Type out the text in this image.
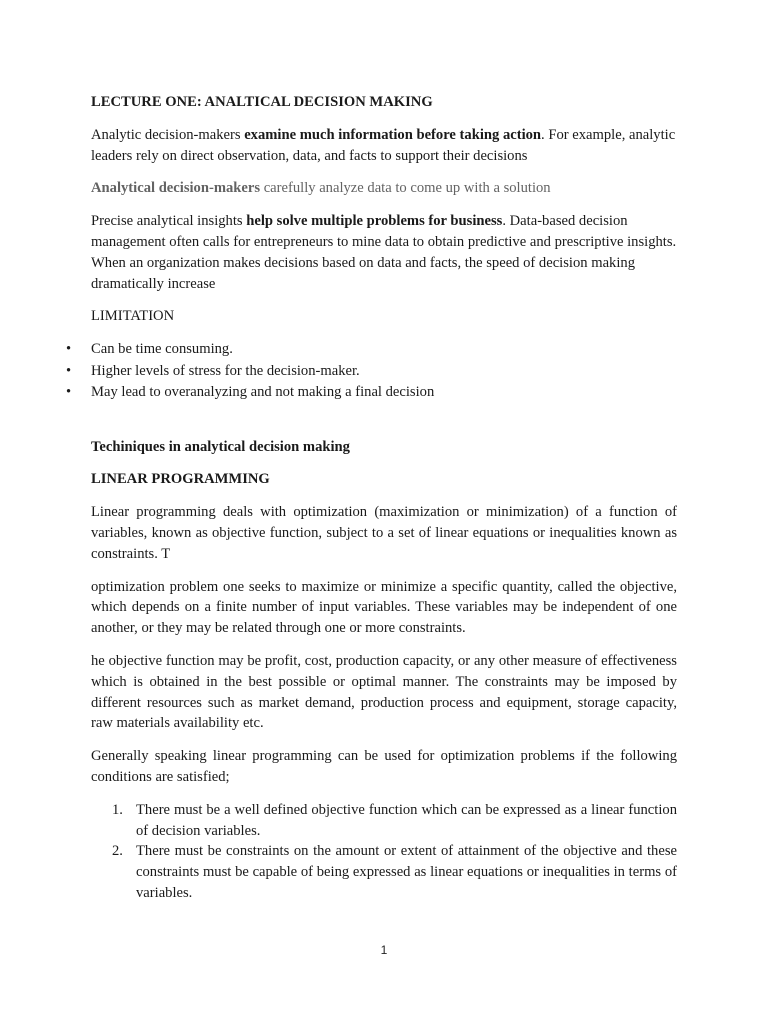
LECTURE ONE: ANALTICAL DECISION MAKING

Analytic decision-makers examine much information before taking action. For example, analytic leaders rely on direct observation, data, and facts to support their decisions

Analytical decision-makers carefully analyze data to come up with a solution

Precise analytical insights help solve multiple problems for business. Data-based decision management often calls for entrepreneurs to mine data to obtain predictive and prescriptive insights. When an organization makes decisions based on data and facts, the speed of decision making dramatically increase

LIMITATION

• Can be time consuming.
• Higher levels of stress for the decision-maker.
• May lead to overanalyzing and not making a final decision

Techiniques in analytical decision making

LINEAR PROGRAMMING

Linear programming deals with optimization (maximization or minimization) of a function of variables, known as objective function, subject to a set of linear equations or inequalities known as constraints. T

optimization problem one seeks to maximize or minimize a specific quantity, called the objective, which depends on a finite number of input variables. These variables may be independent of one another, or they may be related through one or more constraints.

he objective function may be profit, cost, production capacity, or any other measure of effectiveness which is obtained in the best possible or optimal manner. The constraints may be imposed by different resources such as market demand, production process and equipment, storage capacity, raw materials availability etc.

Generally speaking linear programming can be used for optimization problems if the following conditions are satisfied;

1. There must be a well defined objective function which can be expressed as a linear function of decision variables.
2. There must be constraints on the amount or extent of attainment of the objective and these constraints must be capable of being expressed as linear equations or inequalities in terms of variables.
1
